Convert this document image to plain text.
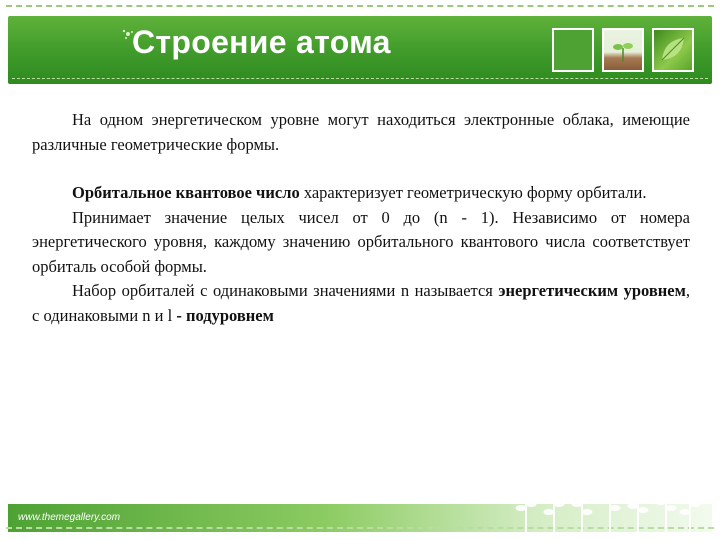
Строение атома

На одном энергетическом уровне могут находиться электронные облака, имеющие различные геометрические формы.

Орбитальное квантовое число характеризует геометрическую форму орбитали.

Принимает значение целых чисел от 0 до (n - 1). Независимо от номера энергетического уровня, каждому значению орбитального квантового числа соответствует орбиталь особой формы.

Набор орбиталей с одинаковыми значениями n называется энергетическим уровнем, с одинаковыми n и l - подуровнем

www.themegallery.com
